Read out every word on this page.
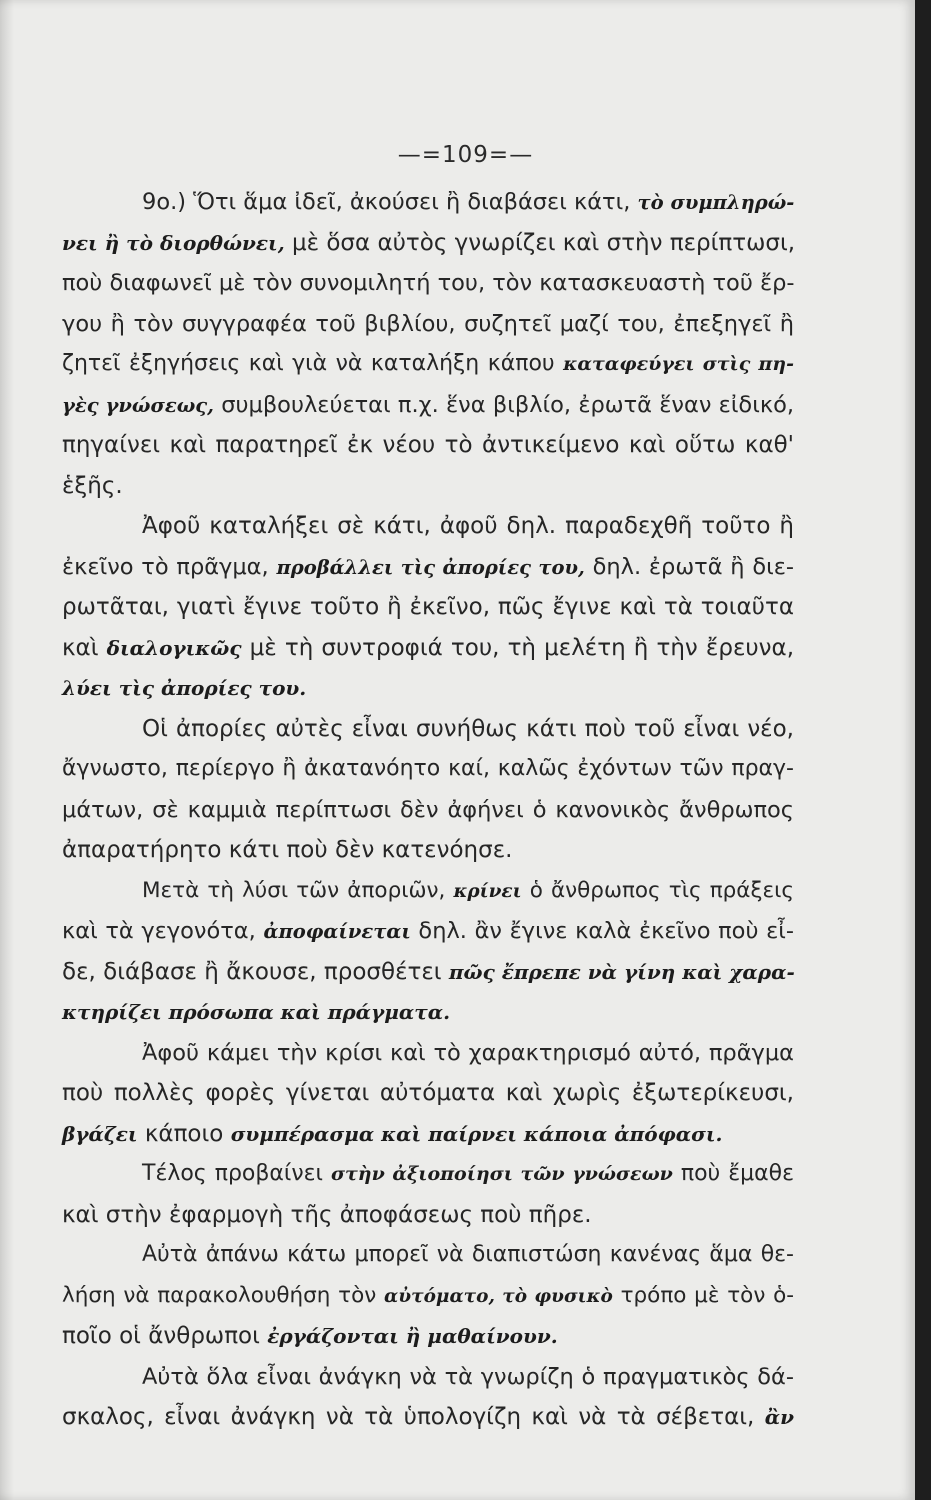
—=109=—
9ο.) Ὅτι ἅμα ἰδεῖ, ἀκούσει ἢ διαβάσει κάτι, τὸ συμπληρώ-
νει ἢ τὸ διορθώνει, μὲ ὅσα αὐτὸς γνωρίζει καὶ στὴν περίπτωσι,
ποὺ διαφωνεῖ μὲ τὸν συνομιλητή του, τὸν κατασκευαστὴ τοῦ ἔρ-
γου ἢ τὸν συγγραφέα τοῦ βιβλίου, συζητεῖ μαζί του, ἐπεξηγεῖ ἢ
ζητεῖ ἐξηγήσεις καὶ γιὰ νὰ καταλήξη κάπου καταφεύγει στὶς πη-
γὲς γνώσεως, συμβουλεύεται π.χ. ἕνα βιβλίο, ἐρωτᾶ ἕναν εἰδικό,
πηγαίνει καὶ παρατηρεῖ ἐκ νέου τὸ ἀντικείμενο καὶ οὕτω καθ'
ἑξῆς.
Ἀφοῦ καταλήξει σὲ κάτι, ἀφοῦ δηλ. παραδεχθῆ τοῦτο ἢ
ἐκεῖνο τὸ πρᾶγμα, προβάλλει τὶς ἀπορίες του, δηλ. ἐρωτᾶ ἢ διε-
ρωτᾶται, γιατὶ ἔγινε τοῦτο ἢ ἐκεῖνο, πῶς ἔγινε καὶ τὰ τοιαῦτα
καὶ διαλογικῶς μὲ τὴ συντροφιά του, τὴ μελέτη ἢ τὴν ἔρευνα,
λύει τὶς ἀπορίες του.
Οἱ ἀπορίες αὐτὲς εἶναι συνήθως κάτι ποὺ τοῦ εἶναι νέο,
ἄγνωστο, περίεργο ἢ ἀκατανόητο καί, καλῶς ἐχόντων τῶν πραγ-
μάτων, σὲ καμμιὰ περίπτωσι δὲν ἀφήνει ὁ κανονικὸς ἄνθρωπος
ἀπαρατήρητο κάτι ποὺ δὲν κατενόησε.
Μετὰ τὴ λύσι τῶν ἀποριῶν, κρίνει ὁ ἄνθρωπος τὶς πράξεις
καὶ τὰ γεγονότα, ἀποφαίνεται δηλ. ἂν ἔγινε καλὰ ἐκεῖνο ποὺ εἶ-
δε, διάβασε ἢ ἄκουσε, προσθέτει πῶς ἔπρεπε νὰ γίνη καὶ χαρα-
κτηρίζει πρόσωπα καὶ πράγματα.
Ἀφοῦ κάμει τὴν κρίσι καὶ τὸ χαρακτηρισμό αὐτό, πρᾶγμα
ποὺ πολλὲς φορὲς γίνεται αὐτόματα καὶ χωρὶς ἐξωτερίκευσι,
βγάζει κάποιο συμπέρασμα καὶ παίρνει κάποια ἀπόφασι.
Τέλος προβαίνει στὴν ἀξιοποίησι τῶν γνώσεων ποὺ ἔμαθε
καὶ στὴν ἐφαρμογὴ τῆς ἀποφάσεως ποὺ πῆρε.
Αὐτὰ ἀπάνω κάτω μπορεῖ νὰ διαπιστώση κανένας ἅμα θε-
λήση νὰ παρακολουθήση τὸν αὐτόματο, τὸ φυσικὸ τρόπο μὲ τὸν ὁ-
ποῖο οἱ ἄνθρωποι ἐργάζονται ἢ μαθαίνουν.
Αὐτὰ ὅλα εἶναι ἀνάγκη νὰ τὰ γνωρίζη ὁ πραγματικὸς δά-
σκαλος, εἶναι ἀνάγκη νὰ τὰ ὑπολογίζη καὶ νὰ τὰ σέβεται, ἂν
